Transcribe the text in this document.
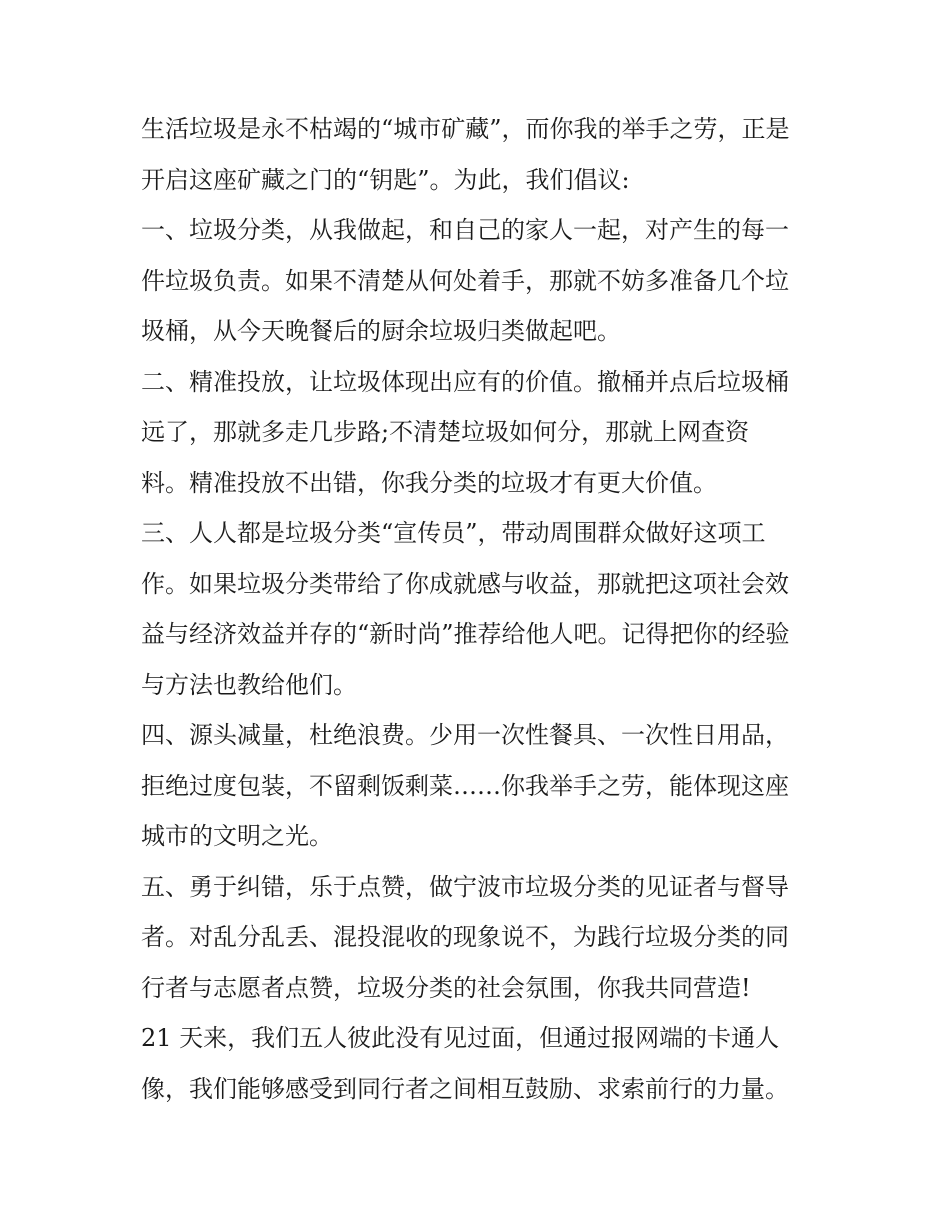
生活垃圾是永不枯竭的“城市矿藏”，而你我的举手之劳，正是
开启这座矿藏之门的“钥匙”。为此，我们倡议:
一、垃圾分类，从我做起，和自己的家人一起，对产生的每一
件垃圾负责。如果不清楚从何处着手，那就不妨多准备几个垃
圾桶，从今天晚餐后的厨余垃圾归类做起吧。
二、精准投放，让垃圾体现出应有的价值。撤桶并点后垃圾桶
远了，那就多走几步路;不清楚垃圾如何分，那就上网查资
料。精准投放不出错，你我分类的垃圾才有更大价值。
三、人人都是垃圾分类“宣传员”，带动周围群众做好这项工
作。如果垃圾分类带给了你成就感与收益，那就把这项社会效
益与经济效益并存的“新时尚”推荐给他人吧。记得把你的经验
与方法也教给他们。
四、源头减量，杜绝浪费。少用一次性餐具、一次性日用品，
拒绝过度包装，不留剩饭剩菜……你我举手之劳，能体现这座
城市的文明之光。
五、勇于纠错，乐于点赞，做宁波市垃圾分类的见证者与督导
者。对乱分乱丢、混投混收的现象说不，为践行垃圾分类的同
行者与志愿者点赞，垃圾分类的社会氛围，你我共同营造!
21 天来，我们五人彼此没有见过面，但通过报网端的卡通人
像，我们能够感受到同行者之间相互鼓励、求索前行的力量。
